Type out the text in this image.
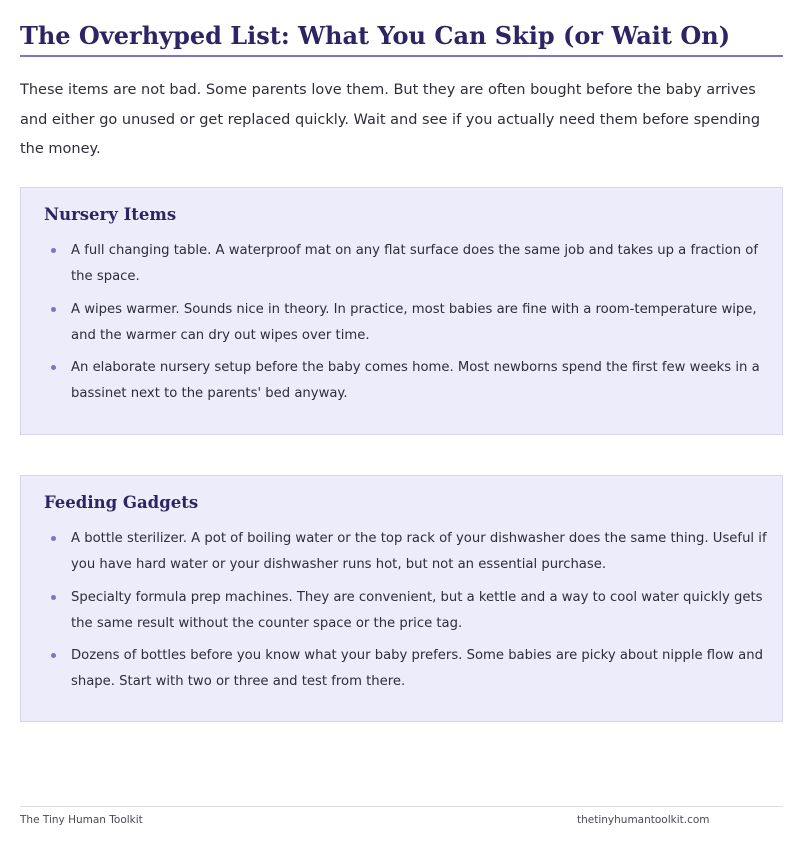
The Overhyped List: What You Can Skip (or Wait On)

These items are not bad. Some parents love them. But they are often bought before the baby arrives and either go unused or get replaced quickly. Wait and see if you actually need them before spending the money.

Nursery Items
A full changing table. A waterproof mat on any flat surface does the same job and takes up a fraction of the space.
A wipes warmer. Sounds nice in theory. In practice, most babies are fine with a room-temperature wipe, and the warmer can dry out wipes over time.
An elaborate nursery setup before the baby comes home. Most newborns spend the first few weeks in a bassinet next to the parents' bed anyway.
Feeding Gadgets
A bottle sterilizer. A pot of boiling water or the top rack of your dishwasher does the same thing. Useful if you have hard water or your dishwasher runs hot, but not an essential purchase.
Specialty formula prep machines. They are convenient, but a kettle and a way to cool water quickly gets the same result without the counter space or the price tag.
Dozens of bottles before you know what your baby prefers. Some babies are picky about nipple flow and shape. Start with two or three and test from there.
The Tiny Human Toolkit	thetinyhumantoolkit.com
